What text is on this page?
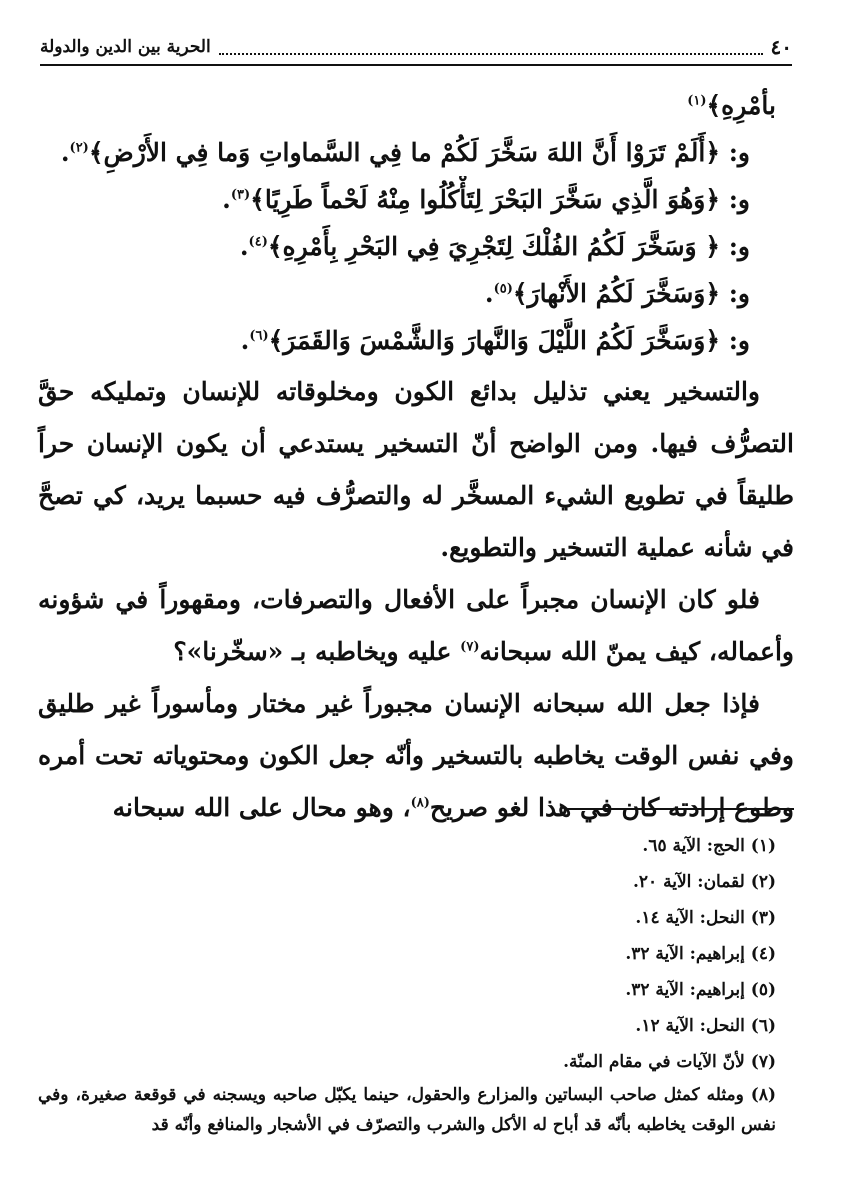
٤٠
الحرية بين الدين والدولة
بأمْرِهِ﴾$^{(١)}$
و: ﴿أَلَمْ تَرَوْا أَنَّ اللهَ سَخَّرَ لَكُمْ ما فِي السَّماواتِ وَما فِي الأَرْضِ﴾$^{(٢)}$.
و: ﴿وَهُوَ الَّذِي سَخَّرَ البَحْرَ لِتَأْكُلُوا مِنْهُ لَحْماً طَرِيًا﴾$^{(٣)}$.
و: ﴿ وَسَخَّرَ لَكُمُ الفُلْكَ لِتَجْرِيَ فِي البَحْرِ بِأَمْرِهِ﴾$^{(٤)}$.
و: ﴿وَسَخَّرَ لَكُمُ الأَنْهارَ﴾$^{(٥)}$.
و: ﴿وَسَخَّرَ لَكُمُ اللَّيْلَ وَالنَّهارَ وَالشَّمْسَ وَالقَمَرَ﴾$^{(٦)}$.

والتسخير يعني تذليل بدائع الكون ومخلوقاته للإنسان وتمليكه حقَّ التصرُّف فيها. ومن الواضح أنّ التسخير يستدعي أن يكون الإنسان حراً طليقاً في تطويع الشيء المسخَّر له والتصرُّف فيه حسبما يريد، كي تصحَّ في شأنه عملية التسخير والتطويع.

فلو كان الإنسان مجبراً على الأفعال والتصرفات، ومقهوراً في شؤونه وأعماله، كيف يمنّ الله سبحانه$^{(٧)}$ عليه ويخاطبه بـ «سخّرنا»؟

فإذا جعل الله سبحانه الإنسان مجبوراً غير مختار ومأسوراً غير طليق وفي نفس الوقت يخاطبه بالتسخير وأنّه جعل الكون ومحتوياته تحت أمره وطوع إرادته كان في هذا لغو صريح$^{(٨)}$، وهو محال على الله سبحانه

(١) الحج: الآية ٦٥.
(٢) لقمان: الآية ٢٠.
(٣) النحل: الآية ١٤.
(٤) إبراهيم: الآية ٣٢.
(٥) إبراهيم: الآية ٣٢.
(٦) النحل: الآية ١٢.
(٧) لأنّ الآيات في مقام المنّة.
(٨) ومثله كمثل صاحب البساتين والمزارع والحقول، حينما يكبّل صاحبه ويسجنه في قوقعة صغيرة، وفي نفس الوقت يخاطبه بأنّه قد أباح له الأكل والشرب والتصرّف في الأشجار والمنافع وأنّه قد
